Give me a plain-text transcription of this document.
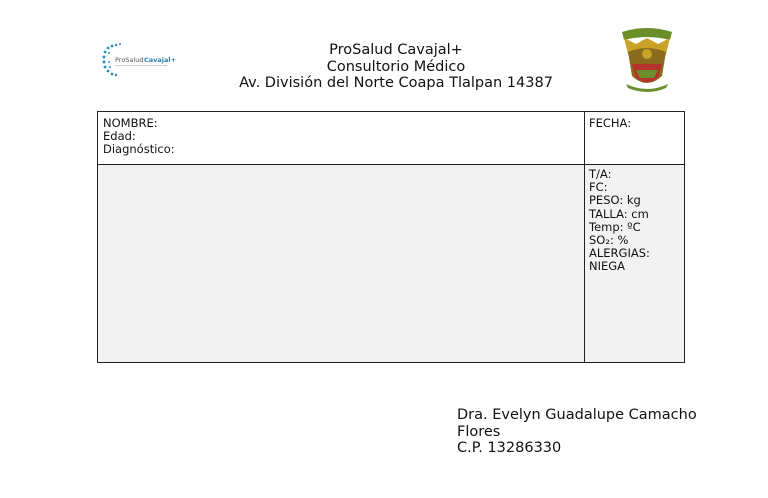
ProSalud Cavajal+
ProSalud Cavajal+
Consultorio Médico
Av. División del Norte Coapa Tlalpan 14387
NOMBRE:
Edad:
Diagnóstico:
FECHA:
T/A:
FC:
PESO: kg
TALLA: cm
Temp: ºC
SO₂: %
ALERGIAS:
NIEGA
Dra. Evelyn Guadalupe Camacho
Flores
C.P. 13286330
